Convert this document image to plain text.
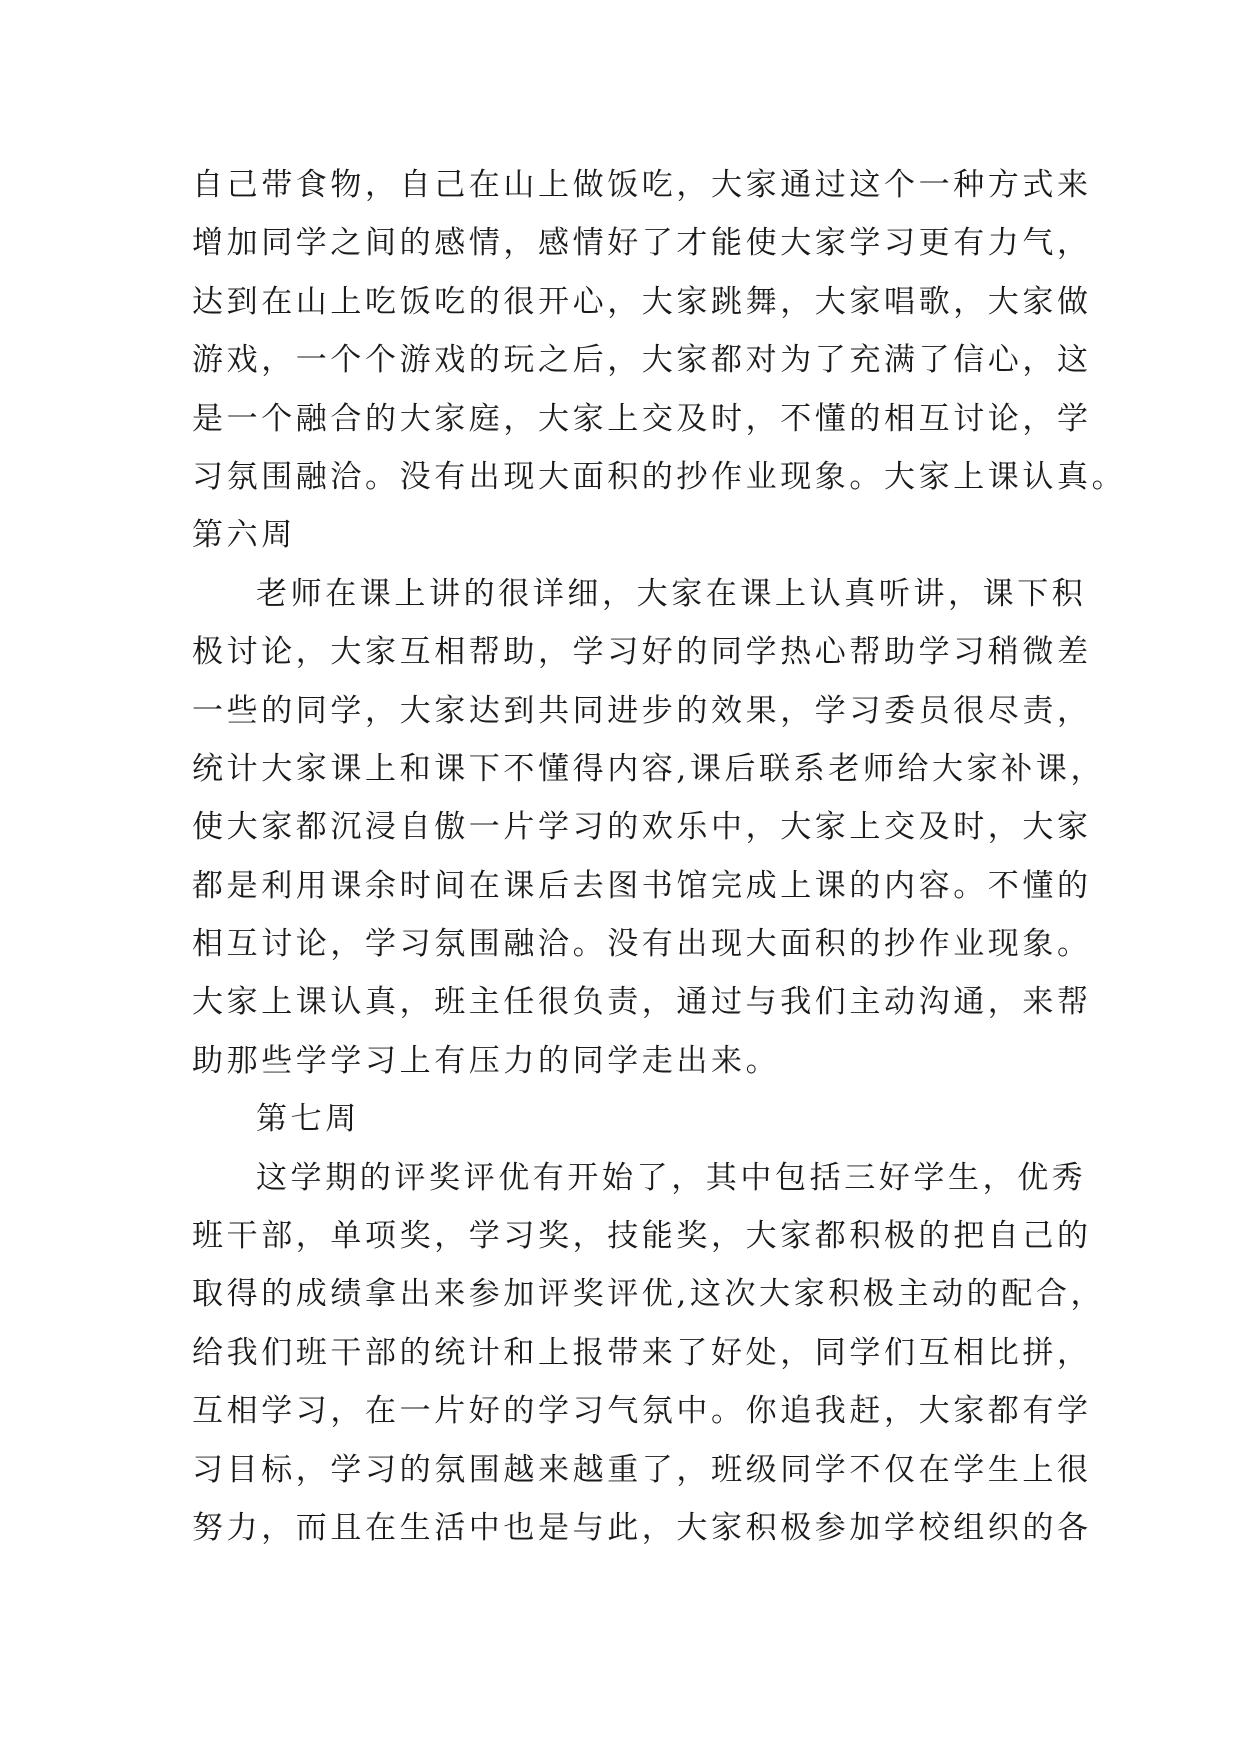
自己带食物，自己在山上做饭吃，大家通过这个一种方式来
增加同学之间的感情，感情好了才能使大家学习更有力气，
达到在山上吃饭吃的很开心，大家跳舞，大家唱歌，大家做
游戏，一个个游戏的玩之后，大家都对为了充满了信心，这
是一个融合的大家庭，大家上交及时，不懂的相互讨论，学
习氛围融洽。没有出现大面积的抄作业现象。大家上课认真。
第六周
老师在课上讲的很详细，大家在课上认真听讲，课下积
极讨论，大家互相帮助，学习好的同学热心帮助学习稍微差
一些的同学，大家达到共同进步的效果，学习委员很尽责，
统计大家课上和课下不懂得内容,课后联系老师给大家补课，
使大家都沉浸自傲一片学习的欢乐中，大家上交及时，大家
都是利用课余时间在课后去图书馆完成上课的内容。不懂的
相互讨论，学习氛围融洽。没有出现大面积的抄作业现象。
大家上课认真，班主任很负责，通过与我们主动沟通，来帮
助那些学学习上有压力的同学走出来。
第七周
这学期的评奖评优有开始了，其中包括三好学生，优秀
班干部，单项奖，学习奖，技能奖，大家都积极的把自己的
取得的成绩拿出来参加评奖评优,这次大家积极主动的配合，
给我们班干部的统计和上报带来了好处，同学们互相比拼，
互相学习，在一片好的学习气氛中。你追我赶，大家都有学
习目标，学习的氛围越来越重了，班级同学不仅在学生上很
努力，而且在生活中也是与此，大家积极参加学校组织的各
